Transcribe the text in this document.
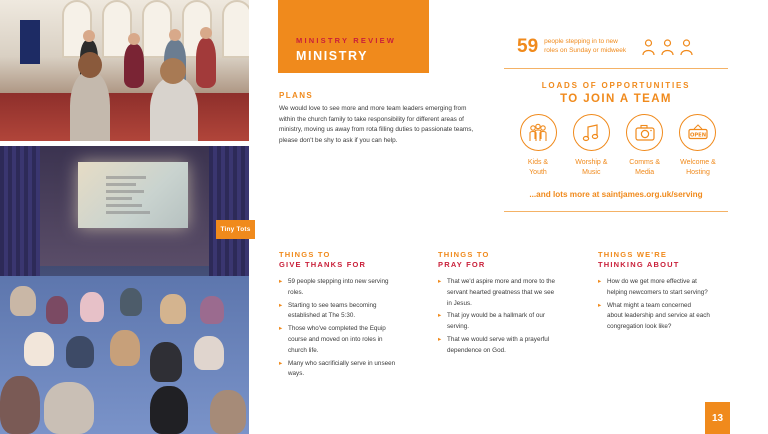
Tiny Tots
MINISTRY REVIEW
MINISTRY
PLANS

We would love to see more and more team leaders emerging from within the church family to take responsibility for different areas of ministry, moving us away from rota filling duties to passionate teams, please don't be shy to ask if you can help.

59 people stepping in to new
roles on Sunday or midweek
LOADS OF OPPORTUNITIES
TO JOIN A TEAM
Kids &
Youth
Worship &
Music
Comms &
Media
OPEN
Welcome &
Hosting
...and lots more at saintjames.org.uk/serving
THINGS TO
GIVE THANKS FOR
▸ 59 people stepping into new serving
roles.
▸ Starting to see teams becoming
established at The 5:30.
▸ Those who've completed the Equip
course and moved on into roles in
church life.
▸ Many who sacrificially serve in unseen
ways.
THINGS TO
PRAY FOR
▸ That we'd aspire more and more to the
servant hearted greatness that we see
in Jesus.
▸ That joy would be a hallmark of our
serving.
▸ That we would serve with a prayerful
dependence on God.
THINGS WE'RE
THINKING ABOUT
▸ How do we get more effective at
helping newcomers to start serving?
▸ What might a team concerned
about leadership and service at each
congregation look like?
13
